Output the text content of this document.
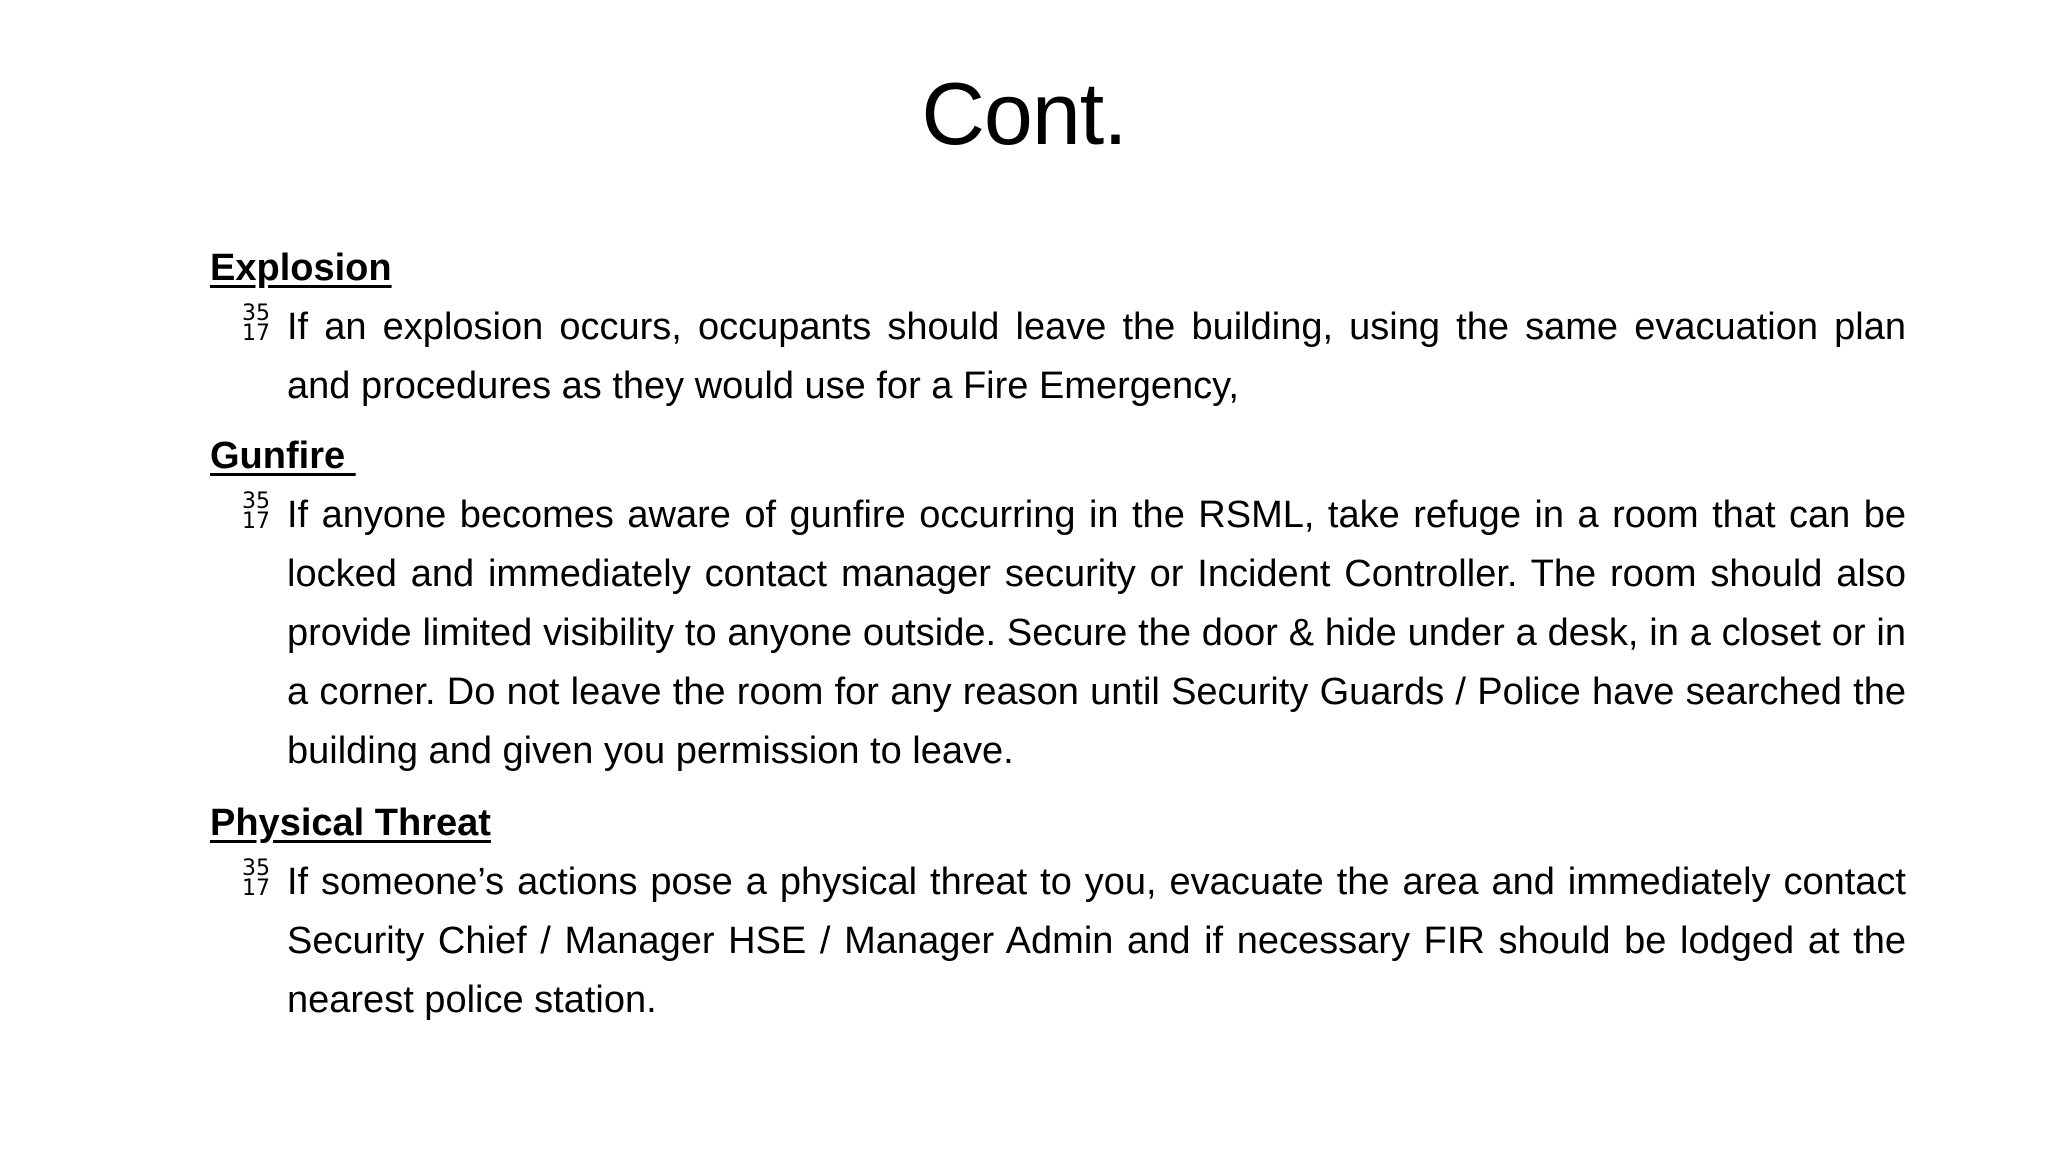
Cont.
Explosion
35
17 If an explosion occurs, occupants should leave the building, using the same evacuation plan and procedures as they would use for a Fire Emergency,
Gunfire
35
17 If anyone becomes aware of gunfire occurring in the RSML, take refuge in a room that can be locked and immediately contact manager security or Incident Controller. The room should also provide limited visibility to anyone outside. Secure the door & hide under a desk, in a closet or in a corner. Do not leave the room for any reason until Security Guards / Police have searched the building and given you permission to leave.
Physical Threat
35
17 If someone’s actions pose a physical threat to you, evacuate the area and immediately contact Security Chief / Manager HSE / Manager Admin and if necessary FIR should be lodged at the nearest police station.
